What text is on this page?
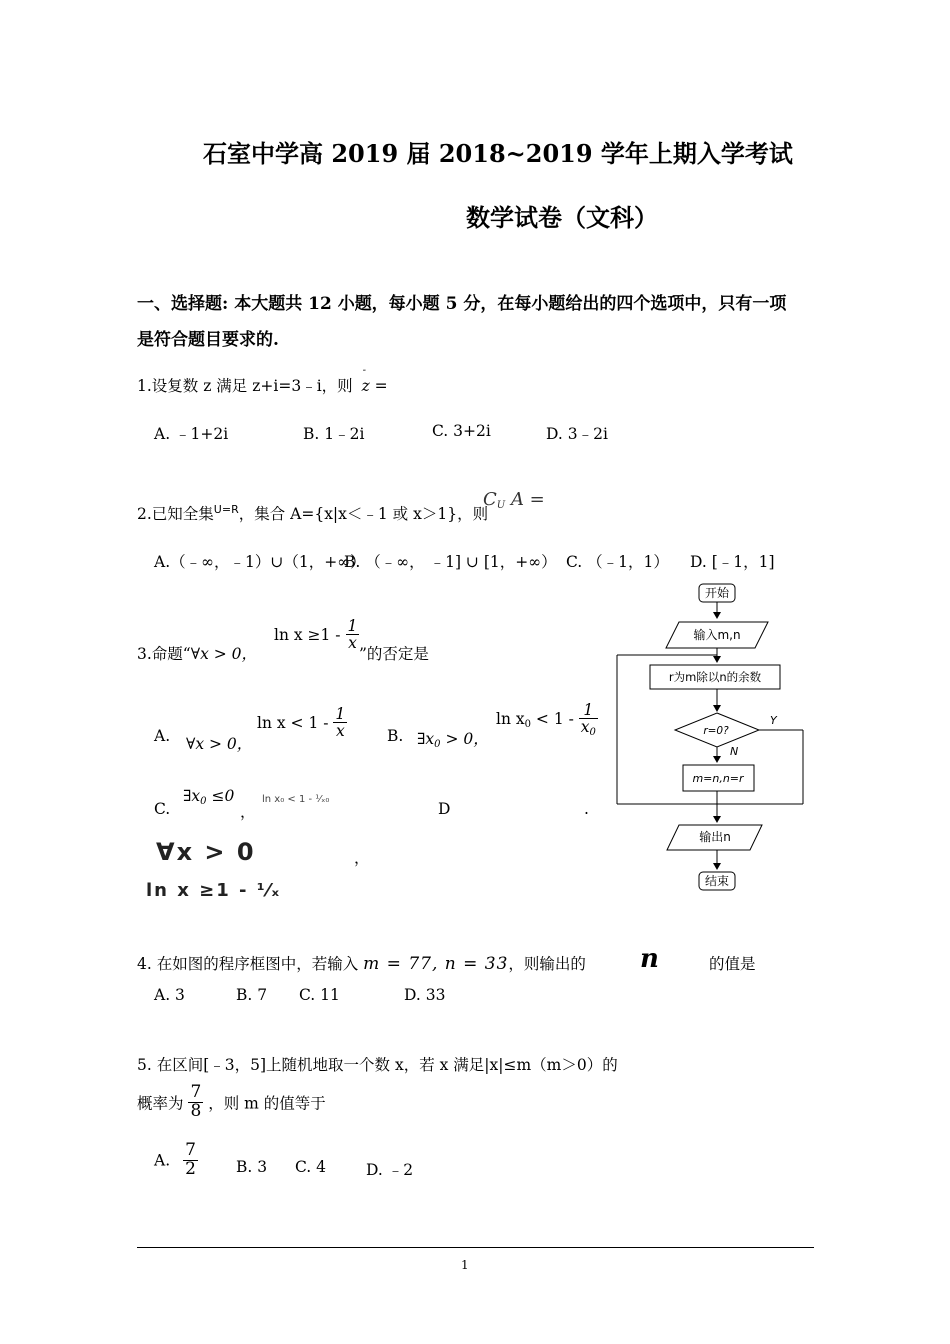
石室中学高 2019 届 2018~2019 学年上期入学考试
数学试卷（文科）
一、选择题: 本大题共 12 小题，每小题 5 分，在每小题给出的四个选项中，只有一项
是符合题目要求的.
1.设复数 z 满足 z+i=3﹣i，则
-
z =
A. ﹣1+2i	B. 1﹣2i	C. 3+2i	D. 3﹣2i
2.已知全集$^{U=R}$，集合 A={x|x＜﹣1 或 x＞1}，则
$C_U$ A =
A.（﹣∞，﹣1）∪（1，+∞）
B. （﹣∞， ﹣1] ∪ [1，+∞） C. （﹣1，1） D. [﹣1，1]
3.命题“∀x > 0，
$\ln x \ge 1 - \frac{1}{x}$
”的否定是
A. ∀x > 0，
$\ln x < 1 - \frac{1}{x}$	B. $\exists x_0 > 0$，
$\ln x_0 < 1 - \frac{1}{x_0}$
C.
$\exists x_0 \le 0$
，
ln x₀ < 1 - ¹⁄ₓ₀
D	.
∀x > 0	，
ln x ≥1 - ¹⁄ₓ
开始
输入m,n
r为m除以n的余数
r=0?
Y
N
m=n,n=r
输出n
结束
4. 在如图的程序框图中，若输入 m = 77, n = 33，则输出的 n	的值是
A. 3	B. 7 C. 11	D. 33
5. 在区间[﹣3，5]上随机地取一个数 x，若 x 满足|x|≤m（m＞0）的
概率为 $\frac{7}{8}$ ，则 m 的值等于
A. $\frac{7}{2} B$. 3 C. 4	D. ﹣2
1
